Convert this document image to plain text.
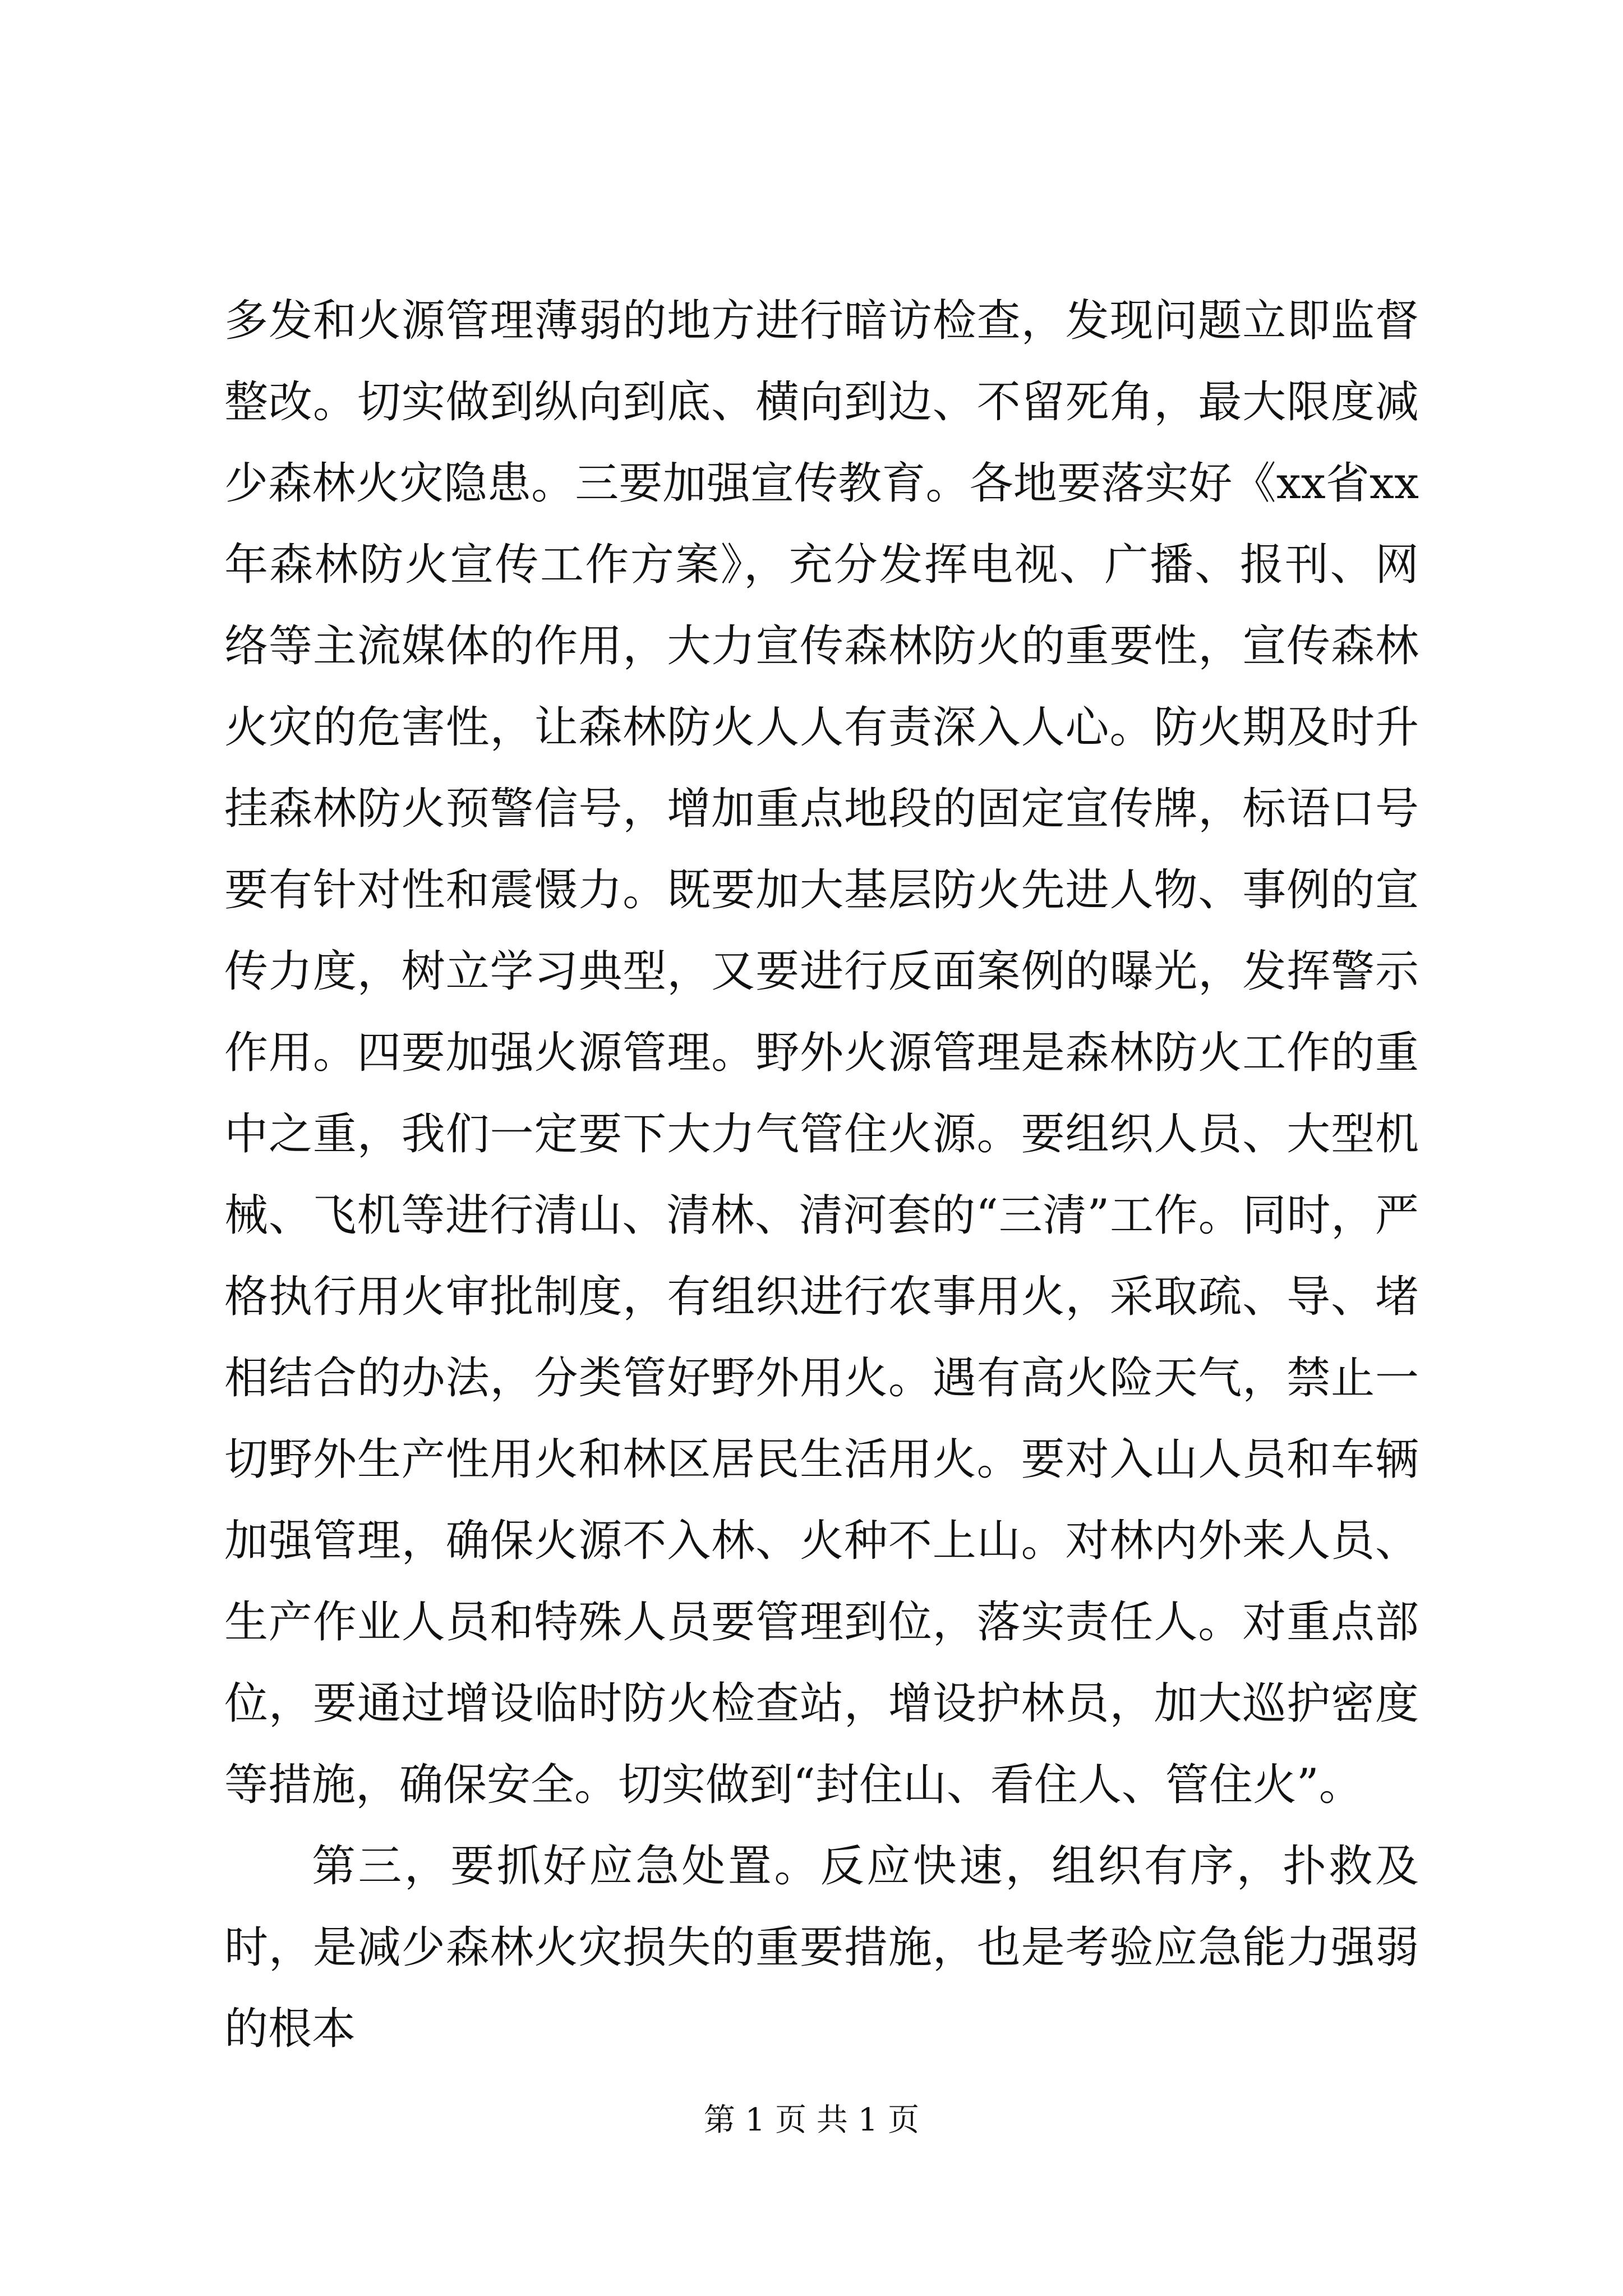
多发和火源管理薄弱的地方进行暗访检查，发现问题立即监督整改。切实做到纵向到底、横向到边、不留死角，最大限度减少森林火灾隐患。三要加强宣传教育。各地要落实好《xx省xx年森林防火宣传工作方案》，充分发挥电视、广播、报刊、网络等主流媒体的作用，大力宣传森林防火的重要性，宣传森林火灾的危害性，让森林防火人人有责深入人心。防火期及时升挂森林防火预警信号，增加重点地段的固定宣传牌，标语口号要有针对性和震慑力。既要加大基层防火先进人物、事例的宣传力度，树立学习典型，又要进行反面案例的曝光，发挥警示作用。四要加强火源管理。野外火源管理是森林防火工作的重中之重，我们一定要下大力气管住火源。要组织人员、大型机械、飞机等进行清山、清林、清河套的“三清”工作。同时，严格执行用火审批制度，有组织进行农事用火，采取疏、导、堵相结合的办法，分类管好野外用火。遇有高火险天气，禁止一切野外生产性用火和林区居民生活用火。要对入山人员和车辆加强管理，确保火源不入林、火种不上山。对林内外来人员、生产作业人员和特殊人员要管理到位，落实责任人。对重点部位，要通过增设临时防火检查站，增设护林员，加大巡护密度等措施，确保安全。切实做到“封住山、看住人、管住火”。

第三，要抓好应急处置。反应快速，组织有序，扑救及时，是减少森林火灾损失的重要措施，也是考验应急能力强弱的根本

第 1 页 共 1 页
